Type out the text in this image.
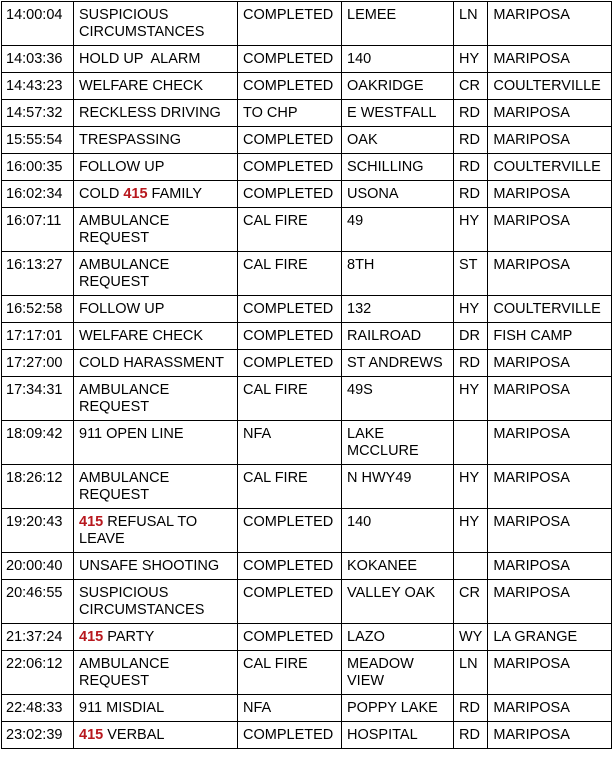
14:00:04	SUSPICIOUS
CIRCUMSTANCES	COMPLETED	LEMEE	LN	MARIPOSA
14:03:36	HOLD UP  ALARM	COMPLETED	140	HY	MARIPOSA
14:43:23	WELFARE CHECK	COMPLETED	OAKRIDGE	CR	COULTERVILLE
14:57:32	RECKLESS DRIVING	TO CHP	E WESTFALL	RD	MARIPOSA
15:55:54	TRESPASSING	COMPLETED	OAK	RD	MARIPOSA
16:00:35	FOLLOW UP	COMPLETED	SCHILLING	RD	COULTERVILLE
16:02:34	COLD 415 FAMILY	COMPLETED	USONA	RD	MARIPOSA
16:07:11	AMBULANCE
REQUEST	CAL FIRE	49	HY	MARIPOSA
16:13:27	AMBULANCE
REQUEST	CAL FIRE	8TH	ST	MARIPOSA
16:52:58	FOLLOW UP	COMPLETED	132	HY	COULTERVILLE
17:17:01	WELFARE CHECK	COMPLETED	RAILROAD	DR	FISH CAMP
17:27:00	COLD HARASSMENT	COMPLETED	ST ANDREWS	RD	MARIPOSA
17:34:31	AMBULANCE
REQUEST	CAL FIRE	49S	HY	MARIPOSA
18:09:42	911 OPEN LINE	NFA	LAKE
MCCLURE		MARIPOSA
18:26:12	AMBULANCE
REQUEST	CAL FIRE	N HWY49	HY	MARIPOSA
19:20:43	415 REFUSAL TO
LEAVE	COMPLETED	140	HY	MARIPOSA
20:00:40	UNSAFE SHOOTING	COMPLETED	KOKANEE		MARIPOSA
20:46:55	SUSPICIOUS
CIRCUMSTANCES	COMPLETED	VALLEY OAK	CR	MARIPOSA
21:37:24	415 PARTY	COMPLETED	LAZO	WY	LA GRANGE
22:06:12	AMBULANCE
REQUEST	CAL FIRE	MEADOW
VIEW	LN	MARIPOSA
22:48:33	911 MISDIAL	NFA	POPPY LAKE	RD	MARIPOSA
23:02:39	415 VERBAL	COMPLETED	HOSPITAL	RD	MARIPOSA
